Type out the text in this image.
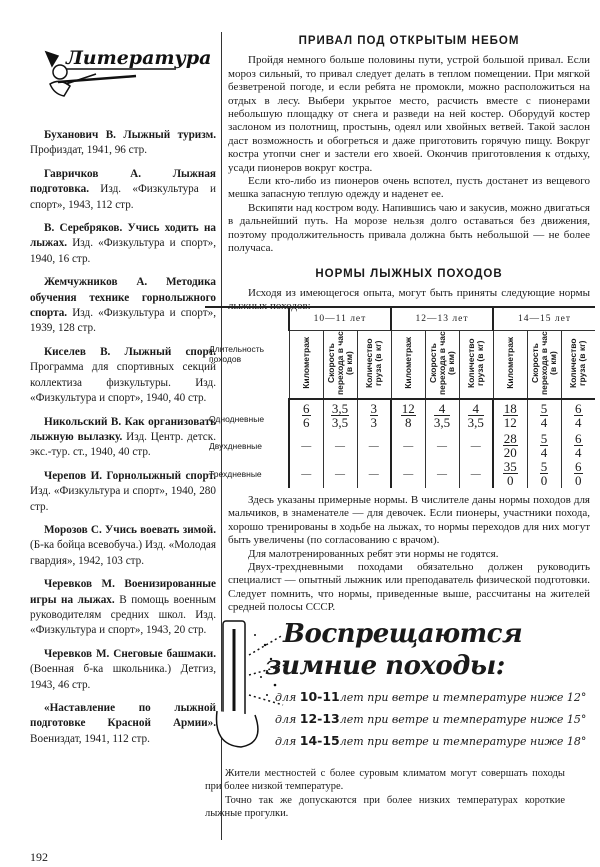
Литература
Буханович В. Лыжный туризм. Профиздат, 1941, 96 стр.
Гавричков А. Лыжная подготовка. Изд. «Физкультура и спорт», 1943, 112 стр.
В. Серебряков. Учись ходить на лыжах. Изд. «Физкультура и спорт», 1940, 16 стр.
Жемчужников А. Методика обучения технике горнолыжного спорта. Изд. «Физкультура и спорт», 1939, 128 стр.
Киселев В. Лыжный спорт. Программа для спортивных секций коллектиза физкультуры. Изд. «Физкультура и спорт», 1940, 40 стр.
Никольский В. Как организовать лыжную вылазку. Изд. Центр. детск. экс.-тур. ст., 1940, 40 стр.
Черепов И. Горнолыжный спорт. Изд. «Физкультура и спорт», 1940, 280 стр.
Морозов С. Учись воевать зимой. (Б-ка бойца всевобуча.) Изд. «Молодая гвардия», 1942, 103 стр.
Черевков М. Военизированные игры на лыжах. В помощь военным руководителям средних школ. Изд. «Физкультура и спорт», 1943, 20 стр.
Черевков М. Снеговые башмаки. (Военная б-ка школьника.) Детгиз, 1943, 46 стр.
«Наставление по лыжной подготовке Красной Армии». Воениздат, 1941, 112 стр.
ПРИВАЛ ПОД ОТКРЫТЫМ НЕБОМ

Пройдя немного больше половины пути, устрой большой привал. Если мороз сильный, то привал следует делать в теплом помещении. При мягкой безветреной погоде, и если ребята не промокли, можно расположиться на отдых в лесу. Выбери укрытое место, расчисть вместе с пионерами небольшую площадку от снега и разведи на ней костер. Оборудуй костер заслоном из полотнищ, простынь, одеял или хвойных ветвей. Такой заслон даст возможность и обогреться и даже приготовить горячую пищу. Вокруг костра утопчи снег и застели его хвоей. Окончив приготовления к отдыху, усади пионеров вокруг костра.

Если кто-либо из пионеров очень вспотел, пусть достанет из вещевого мешка запасную теплую одежду и наденет ее.

Вскипяти над костром воду. Напившись чаю и закусив, можно двигаться в дальнейший путь. На морозе нельзя долго оставаться без движения, поэтому продолжительность привала должна быть небольшой — не более получаса.

НОРМЫ ЛЫЖНЫХ ПОХОДОВ

Исходя из имеющегося опыта, могут быть приняты следующие нормы лыжных походов:

Длительность походов	10—11 лет			12—13 лет			14—15 лет		
	Километраж	Скорость перехода в час (в км)	Количество груза (в кг)	Километраж	Скорость перехода в час (в км)	Количество груза (в кг)	Километраж	Скорость перехода в час (в км)	Количество груза (в кг)
Однодневные	$\frac{6}{6}$	$\frac{3,5}{3,5}$	$\frac{3}{3}$	$\frac{12}{8}$	$\frac{4}{3,5}$	$\frac{4}{3,5}$	$\frac{18}{12}$	$\frac{5}{4}$	$\frac{6}{4}$

Двухдневные	—	—	—	—	—	—	$\frac{28}{20}$	$\frac{5}{4}$	$\frac{6}{4}$

Трехдневные	—	—	—	—	—	—	$\frac{35}{0}$	$\frac{5}{0}$	$\frac{6}{0}$

Здесь указаны примерные нормы. В числителе даны нормы походов для мальчиков, в знаменателе — для девочек. Если пионеры, участники похода, хорошо тренированы в ходьбе на лыжах, то нормы переходов для них могут быть увеличены (по согласованию с врачом).

Для малотренированных ребят эти нормы не годятся.

Двух-трехдневными походами обязательно должен руководить специалист — опытный лыжник или преподаватель физической подготовки. Следует помнить, что нормы, приведенные выше, рассчитаны на жителей средней полосы СССР.

Воспрещаются
зимние походы:
для 10-11лет при ветре и температуре ниже 12°
для 12-13лет при ветре и температуре ниже 15°
для 14-15лет при ветре и температуре ниже 18°

Жители местностей с более суровым климатом могут совершать походы при более низкой температуре.

Точно так же допускаются при более низких температурах короткие лыжные прогулки.

192
